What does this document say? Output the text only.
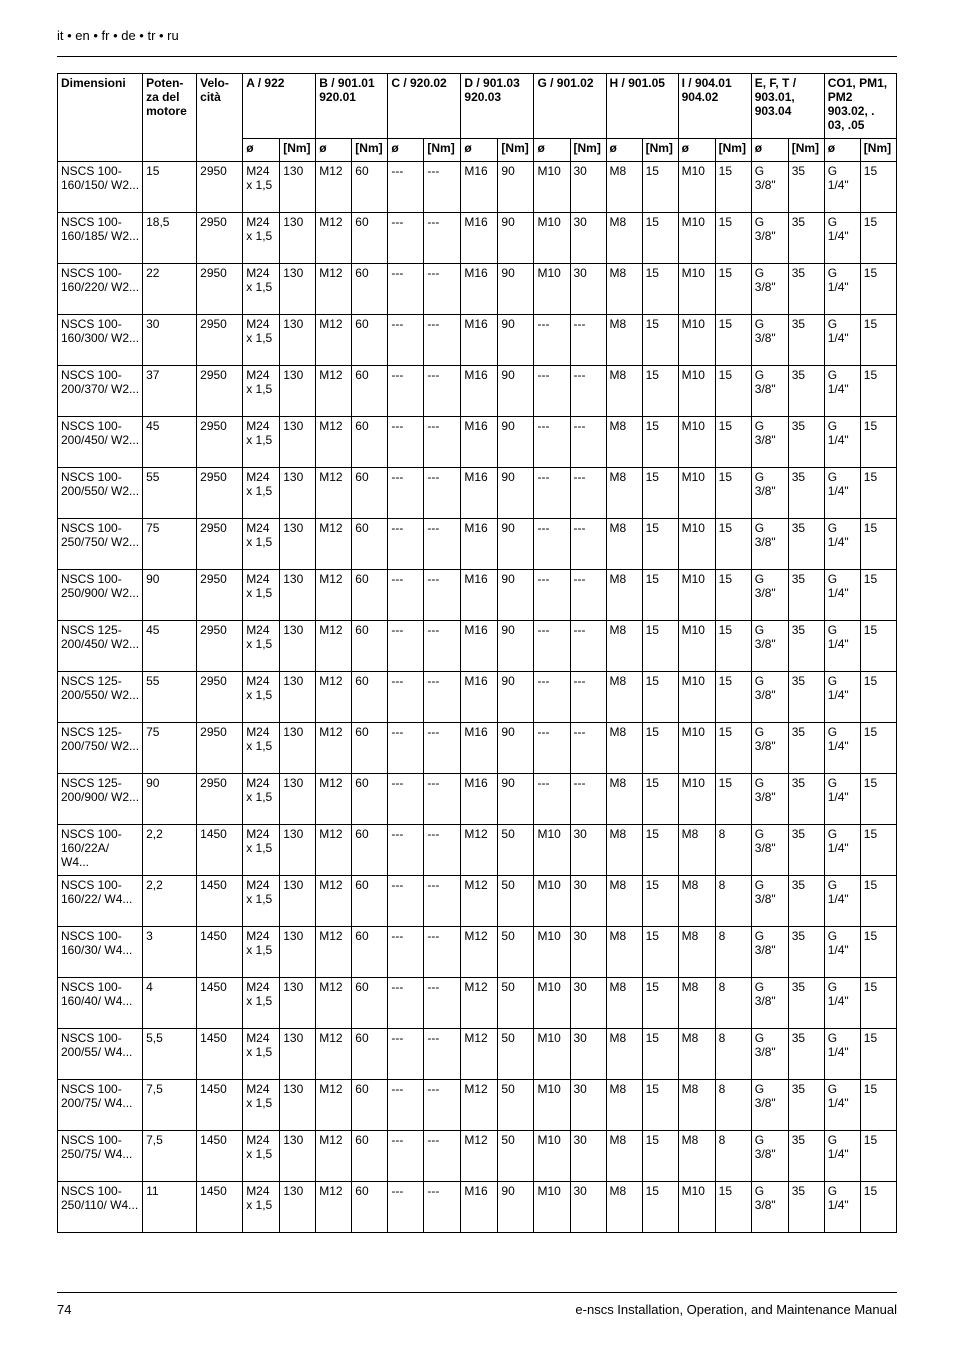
it • en • fr • de • tr • ru
Dimensioni	Poten- za del motore	Velo- cità	A / 922		B / 901.01 920.01		C / 920.02		D / 901.03 920.03		G / 901.02		H / 901.05		I / 904.01 904.02		E, F, T / 903.01, 903.04		CO1, PM1, PM2 903.02, . 03, .05	
			ø	[Nm]	ø	[Nm]	ø	[Nm]	ø	[Nm]	ø	[Nm]	ø	[Nm]	ø	[Nm]	ø	[Nm]	ø	[Nm]
NSCS 100-160/150/ W2...	15	2950	M24 x 1,5	130	M12	60	---	---	M16	90	M10	30	M8	15	M10	15	G 3/8"	35	G 1/4"	15
NSCS 100-160/185/ W2...	18,5	2950	M24 x 1,5	130	M12	60	---	---	M16	90	M10	30	M8	15	M10	15	G 3/8"	35	G 1/4"	15
NSCS 100-160/220/ W2...	22	2950	M24 x 1,5	130	M12	60	---	---	M16	90	M10	30	M8	15	M10	15	G 3/8"	35	G 1/4"	15
NSCS 100-160/300/ W2...	30	2950	M24 x 1,5	130	M12	60	---	---	M16	90	---	---	M8	15	M10	15	G 3/8"	35	G 1/4"	15
NSCS 100-200/370/ W2...	37	2950	M24 x 1,5	130	M12	60	---	---	M16	90	---	---	M8	15	M10	15	G 3/8"	35	G 1/4"	15
NSCS 100-200/450/ W2...	45	2950	M24 x 1,5	130	M12	60	---	---	M16	90	---	---	M8	15	M10	15	G 3/8"	35	G 1/4"	15
NSCS 100-200/550/ W2...	55	2950	M24 x 1,5	130	M12	60	---	---	M16	90	---	---	M8	15	M10	15	G 3/8"	35	G 1/4"	15
NSCS 100-250/750/ W2...	75	2950	M24 x 1,5	130	M12	60	---	---	M16	90	---	---	M8	15	M10	15	G 3/8"	35	G 1/4"	15
NSCS 100-250/900/ W2...	90	2950	M24 x 1,5	130	M12	60	---	---	M16	90	---	---	M8	15	M10	15	G 3/8"	35	G 1/4"	15
NSCS 125-200/450/ W2...	45	2950	M24 x 1,5	130	M12	60	---	---	M16	90	---	---	M8	15	M10	15	G 3/8"	35	G 1/4"	15
NSCS 125-200/550/ W2...	55	2950	M24 x 1,5	130	M12	60	---	---	M16	90	---	---	M8	15	M10	15	G 3/8"	35	G 1/4"	15
NSCS 125-200/750/ W2...	75	2950	M24 x 1,5	130	M12	60	---	---	M16	90	---	---	M8	15	M10	15	G 3/8"	35	G 1/4"	15
NSCS 125-200/900/ W2...	90	2950	M24 x 1,5	130	M12	60	---	---	M16	90	---	---	M8	15	M10	15	G 3/8"	35	G 1/4"	15
NSCS 100-160/22A/ W4...	2,2	1450	M24 x 1,5	130	M12	60	---	---	M12	50	M10	30	M8	15	M8	8	G 3/8"	35	G 1/4"	15
NSCS 100-160/22/ W4...	2,2	1450	M24 x 1,5	130	M12	60	---	---	M12	50	M10	30	M8	15	M8	8	G 3/8"	35	G 1/4"	15
NSCS 100-160/30/ W4...	3	1450	M24 x 1,5	130	M12	60	---	---	M12	50	M10	30	M8	15	M8	8	G 3/8"	35	G 1/4"	15
NSCS 100-160/40/ W4...	4	1450	M24 x 1,5	130	M12	60	---	---	M12	50	M10	30	M8	15	M8	8	G 3/8"	35	G 1/4"	15
NSCS 100-200/55/ W4...	5,5	1450	M24 x 1,5	130	M12	60	---	---	M12	50	M10	30	M8	15	M8	8	G 3/8"	35	G 1/4"	15
NSCS 100-200/75/ W4...	7,5	1450	M24 x 1,5	130	M12	60	---	---	M12	50	M10	30	M8	15	M8	8	G 3/8"	35	G 1/4"	15
NSCS 100-250/75/ W4...	7,5	1450	M24 x 1,5	130	M12	60	---	---	M12	50	M10	30	M8	15	M8	8	G 3/8"	35	G 1/4"	15
NSCS 100-250/110/ W4...	11	1450	M24 x 1,5	130	M12	60	---	---	M16	90	M10	30	M8	15	M10	15	G 3/8"	35	G 1/4"	15
74	e-nscs Installation, Operation, and Maintenance Manual
